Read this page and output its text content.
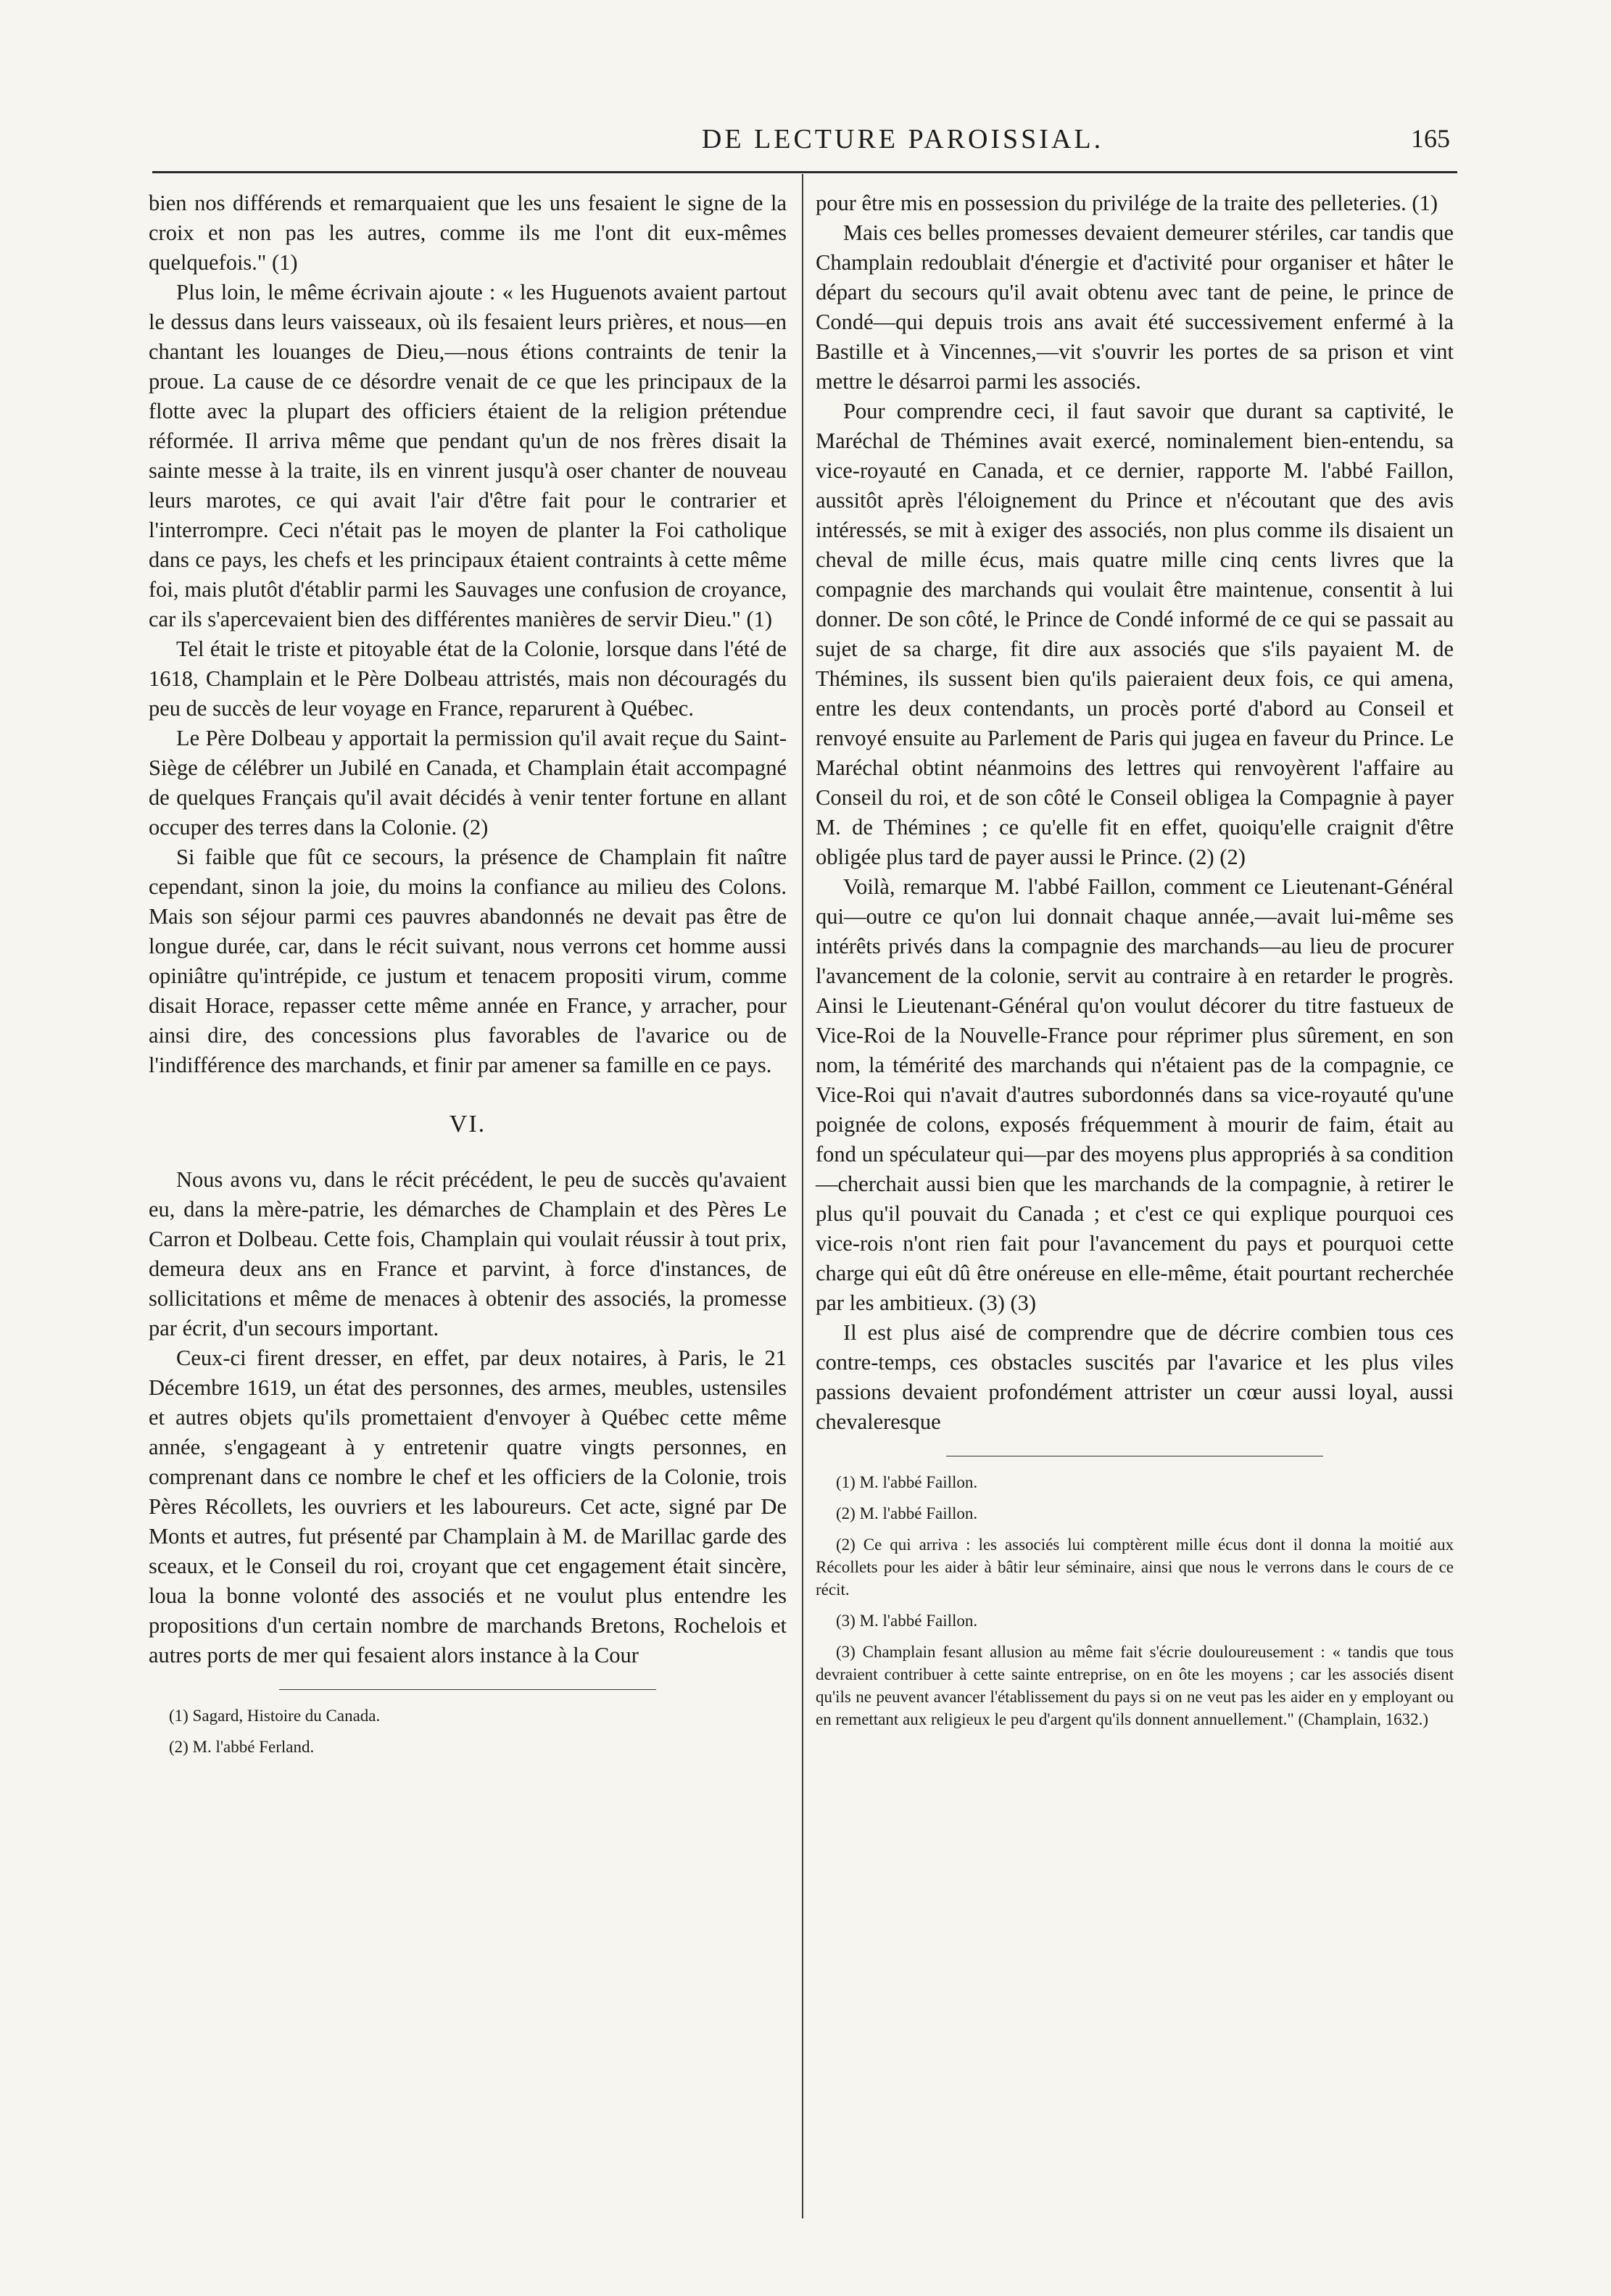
DE LECTURE PAROISSIAL.	165

bien nos différends et remarquaient que les uns fesaient le signe de la croix et non pas les autres, comme ils me l'ont dit eux-mêmes quelquefois." (1)

Plus loin, le même écrivain ajoute : « les Huguenots avaient partout le dessus dans leurs vaisseaux, où ils fesaient leurs prières, et nous—en chantant les louanges de Dieu,—nous étions contraints de tenir la proue. La cause de ce désordre venait de ce que les principaux de la flotte avec la plupart des officiers étaient de la religion prétendue réformée. Il arriva même que pendant qu'un de nos frères disait la sainte messe à la traite, ils en vinrent jusqu'à oser chanter de nouveau leurs marotes, ce qui avait l'air d'être fait pour le contrarier et l'interrompre. Ceci n'était pas le moyen de planter la Foi catholique dans ce pays, les chefs et les principaux étaient contraints à cette même foi, mais plutôt d'établir parmi les Sauvages une confusion de croyance, car ils s'apercevaient bien des différentes manières de servir Dieu." (1)

Tel était le triste et pitoyable état de la Colonie, lorsque dans l'été de 1618, Champlain et le Père Dolbeau attristés, mais non découragés du peu de succès de leur voyage en France, reparurent à Québec.

Le Père Dolbeau y apportait la permission qu'il avait reçue du Saint-Siège de célébrer un Jubilé en Canada, et Champlain était accompagné de quelques Français qu'il avait décidés à venir tenter fortune en allant occuper des terres dans la Colonie. (2)

Si faible que fût ce secours, la présence de Champlain fit naître cependant, sinon la joie, du moins la confiance au milieu des Colons. Mais son séjour parmi ces pauvres abandonnés ne devait pas être de longue durée, car, dans le récit suivant, nous verrons cet homme aussi opiniâtre qu'intrépide, ce justum et tenacem propositi virum, comme disait Horace, repasser cette même année en France, y arracher, pour ainsi dire, des concessions plus favorables de l'avarice ou de l'indifférence des marchands, et finir par amener sa famille en ce pays.

VI.

Nous avons vu, dans le récit précédent, le peu de succès qu'avaient eu, dans la mère-patrie, les démarches de Champlain et des Pères Le Carron et Dolbeau. Cette fois, Champlain qui voulait réussir à tout prix, demeura deux ans en France et parvint, à force d'instances, de sollicitations et même de menaces à obtenir des associés, la promesse par écrit, d'un secours important.

Ceux-ci firent dresser, en effet, par deux notaires, à Paris, le 21 Décembre 1619, un état des personnes, des armes, meubles, ustensiles et autres objets qu'ils promettaient d'envoyer à Québec cette même année, s'engageant à y entretenir quatre vingts personnes, en comprenant dans ce nombre le chef et les officiers de la Colonie, trois Pères Récollets, les ouvriers et les laboureurs. Cet acte, signé par De Monts et autres, fut présenté par Champlain à M. de Marillac garde des sceaux, et le Conseil du roi, croyant que cet engagement était sincère, loua la bonne volonté des associés et ne voulut plus entendre les propositions d'un certain nombre de marchands Bretons, Rochelois et autres ports de mer qui fesaient alors instance à la Cour

(1) Sagard, Histoire du Canada.

(2) M. l'abbé Ferland.

pour être mis en possession du privilége de la traite des pelleteries. (1)

Mais ces belles promesses devaient demeurer stériles, car tandis que Champlain redoublait d'énergie et d'activité pour organiser et hâter le départ du secours qu'il avait obtenu avec tant de peine, le prince de Condé—qui depuis trois ans avait été successivement enfermé à la Bastille et à Vincennes,—vit s'ouvrir les portes de sa prison et vint mettre le désarroi parmi les associés.

Pour comprendre ceci, il faut savoir que durant sa captivité, le Maréchal de Thémines avait exercé, nominalement bien-entendu, sa vice-royauté en Canada, et ce dernier, rapporte M. l'abbé Faillon, aussitôt après l'éloignement du Prince et n'écoutant que des avis intéressés, se mit à exiger des associés, non plus comme ils disaient un cheval de mille écus, mais quatre mille cinq cents livres que la compagnie des marchands qui voulait être maintenue, consentit à lui donner. De son côté, le Prince de Condé informé de ce qui se passait au sujet de sa charge, fit dire aux associés que s'ils payaient M. de Thémines, ils sussent bien qu'ils paieraient deux fois, ce qui amena, entre les deux contendants, un procès porté d'abord au Conseil et renvoyé ensuite au Parlement de Paris qui jugea en faveur du Prince. Le Maréchal obtint néanmoins des lettres qui renvoyèrent l'affaire au Conseil du roi, et de son côté le Conseil obligea la Compagnie à payer M. de Thémines ; ce qu'elle fit en effet, quoiqu'elle craignit d'être obligée plus tard de payer aussi le Prince. (2) (2)

Voilà, remarque M. l'abbé Faillon, comment ce Lieutenant-Général qui—outre ce qu'on lui donnait chaque année,—avait lui-même ses intérêts privés dans la compagnie des marchands—au lieu de procurer l'avancement de la colonie, servit au contraire à en retarder le progrès. Ainsi le Lieutenant-Général qu'on voulut décorer du titre fastueux de Vice-Roi de la Nouvelle-France pour réprimer plus sûrement, en son nom, la témérité des marchands qui n'étaient pas de la compagnie, ce Vice-Roi qui n'avait d'autres subordonnés dans sa vice-royauté qu'une poignée de colons, exposés fréquemment à mourir de faim, était au fond un spéculateur qui—par des moyens plus appropriés à sa condition—cherchait aussi bien que les marchands de la compagnie, à retirer le plus qu'il pouvait du Canada ; et c'est ce qui explique pourquoi ces vice-rois n'ont rien fait pour l'avancement du pays et pourquoi cette charge qui eût dû être onéreuse en elle-même, était pourtant recherchée par les ambitieux. (3) (3)

Il est plus aisé de comprendre que de décrire combien tous ces contre-temps, ces obstacles suscités par l'avarice et les plus viles passions devaient profondément attrister un cœur aussi loyal, aussi chevaleresque

(1) M. l'abbé Faillon.

(2) M. l'abbé Faillon.

(2) Ce qui arriva : les associés lui comptèrent mille écus dont il donna la moitié aux Récollets pour les aider à bâtir leur séminaire, ainsi que nous le verrons dans le cours de ce récit.

(3) M. l'abbé Faillon.

(3) Champlain fesant allusion au même fait s'écrie douloureusement : « tandis que tous devraient contribuer à cette sainte entreprise, on en ôte les moyens ; car les associés disent qu'ils ne peuvent avancer l'établissement du pays si on ne veut pas les aider en y employant ou en remettant aux religieux le peu d'argent qu'ils donnent annuellement." (Champlain, 1632.)
